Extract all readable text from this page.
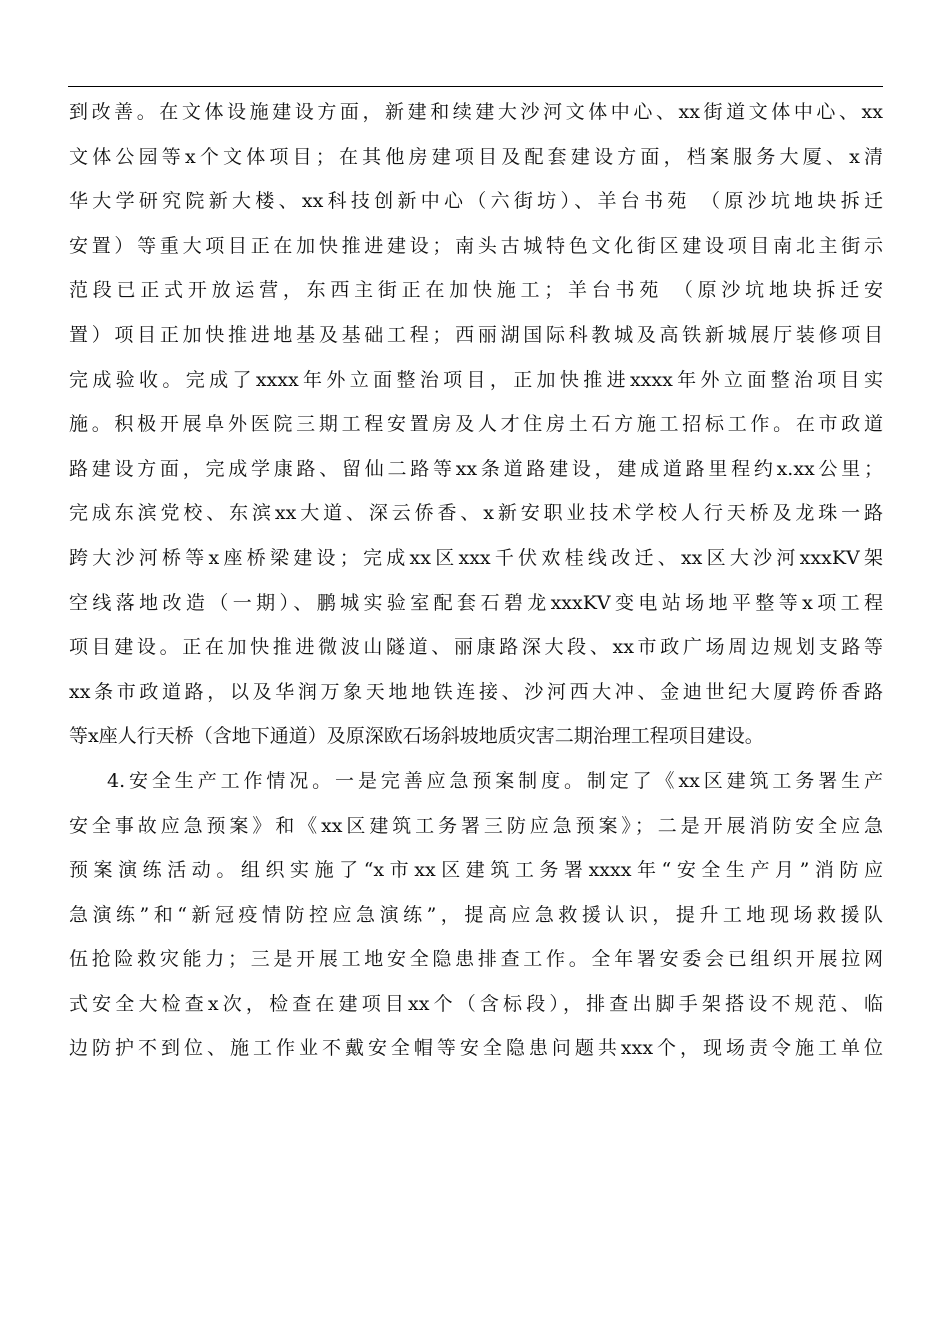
到改善。在文体设施建设方面，新建和续建大沙河文体中心、xx街道文体中心、xx
文体公园等x个文体项目；在其他房建项目及配套建设方面，档案服务大厦、x清
华大学研究院新大楼、xx科技创新中心（六街坊）、羊台书苑 （原沙坑地块拆迁
安置）等重大项目正在加快推进建设；南头古城特色文化街区建设项目南北主街示
范段已正式开放运营，东西主街正在加快施工；羊台书苑 （原沙坑地块拆迁安
置）项目正加快推进地基及基础工程；西丽湖国际科教城及高铁新城展厅装修项目
完成验收。完成了xxxx年外立面整治项目，正加快推进xxxx年外立面整治项目实
施。积极开展阜外医院三期工程安置房及人才住房土石方施工招标工作。在市政道
路建设方面，完成学康路、留仙二路等xx条道路建设，建成道路里程约x.xx公里；
完成东滨党校、东滨xx大道、深云侨香、x新安职业技术学校人行天桥及龙珠一路
跨大沙河桥等x座桥梁建设；完成xx区xxx千伏欢桂线改迁、xx区大沙河xxxKV架
空线落地改造（一期）、鹏城实验室配套石碧龙xxxKV变电站场地平整等x项工程
项目建设。正在加快推进微波山隧道、丽康路深大段、xx市政广场周边规划支路等
xx条市政道路，以及华润万象天地地铁连接、沙河西大冲、金迪世纪大厦跨侨香路
等x座人行天桥（含地下通道）及原深欧石场斜坡地质灾害二期治理工程项目建设。
4.安全生产工作情况。一是完善应急预案制度。制定了《xx区建筑工务署生产
安全事故应急预案》和《xx区建筑工务署三防应急预案》；二是开展消防安全应急
预案演练活动。组织实施了“x市xx区建筑工务署xxxx年“安全生产月”消防应
急演练”和“新冠疫情防控应急演练”，提高应急救援认识，提升工地现场救援队
伍抢险救灾能力；三是开展工地安全隐患排查工作。全年署安委会已组织开展拉网
式安全大检查x次，检查在建项目xx个（含标段），排查出脚手架搭设不规范、临
边防护不到位、施工作业不戴安全帽等安全隐患问题共xxx个，现场责令施工单位
